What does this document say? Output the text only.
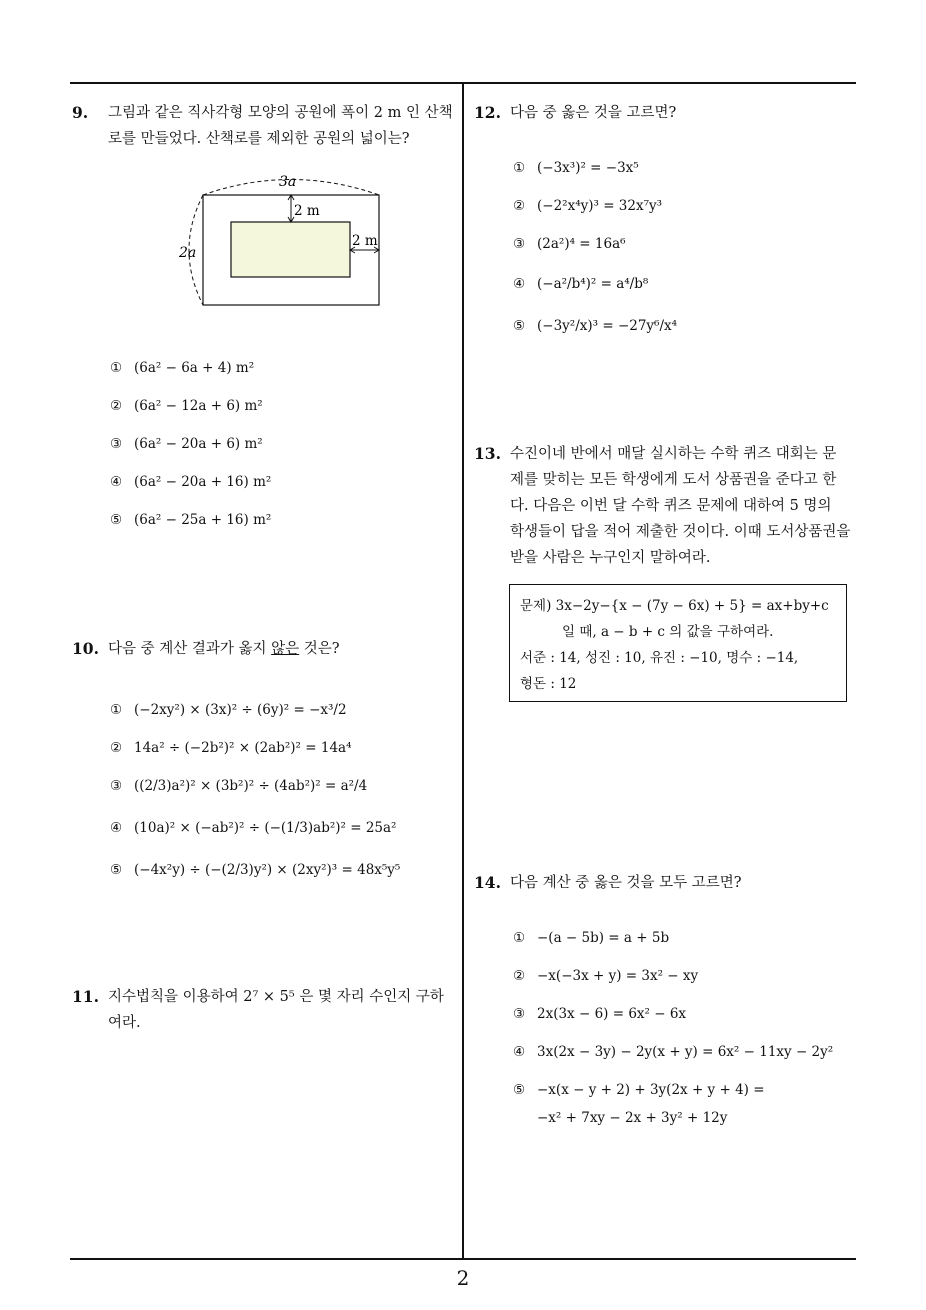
2
9. 그림과 같은 직사각형 모양의 공원에 폭이 2 m 인 산책
로를 만들었다. 산책로를 제외한 공원의 넓이는?
3a
2a
2 m
2 m
① (6a² − 6a + 4) m²
② (6a² − 12a + 6) m²
③ (6a² − 20a + 6) m²
④ (6a² − 20a + 16) m²
⑤ (6a² − 25a + 16) m²
10. 다음 중 계산 결과가 옳지 않은 것은?
① (−2xy²) × (3x)² ÷ (6y)² = −x³/2
② 14a² ÷ (−2b²)² × (2ab²)² = 14a⁴
③ ((2/3)a²)² × (3b²)² ÷ (4ab²)² = a²/4
④ (10a)² × (−ab²)² ÷ (−(1/3)ab²)² = 25a²
⑤ (−4x²y) ÷ (−(2/3)y²) × (2xy²)³ = 48x⁵y⁵
11. 지수법칙을 이용하여 2⁷ × 5⁵ 은 몇 자리 수인지 구하
여라.
12. 다음 중 옳은 것을 고르면?
① (−3x³)² = −3x⁵
② (−2²x⁴y)³ = 32x⁷y³
③ (2a²)⁴ = 16a⁶
④ (−a²/b⁴)² = a⁴/b⁸
⑤ (−3y²/x)³ = −27y⁶/x⁴
13. 수진이네 반에서 매달 실시하는 수학 퀴즈 대회는 문
제를 맞히는 모든 학생에게 도서 상품권을 준다고 한
다. 다음은 이번 달 수학 퀴즈 문제에 대하여 5 명의
학생들이 답을 적어 제출한 것이다. 이때 도서상품권을
받을 사람은 누구인지 말하여라.
문제) 3x−2y−{x − (7y − 6x) + 5} = ax+by+c
일 때, a − b + c 의 값을 구하여라.
서준 : 14, 성진 : 10, 유진 : −10, 명수 : −14,
형돈 : 12
14. 다음 계산 중 옳은 것을 모두 고르면?
① −(a − 5b) = a + 5b
② −x(−3x + y) = 3x² − xy
③ 2x(3x − 6) = 6x² − 6x
④ 3x(2x − 3y) − 2y(x + y) = 6x² − 11xy − 2y²
⑤ −x(x − y + 2) + 3y(2x + y + 4) =
−x² + 7xy − 2x + 3y² + 12y
